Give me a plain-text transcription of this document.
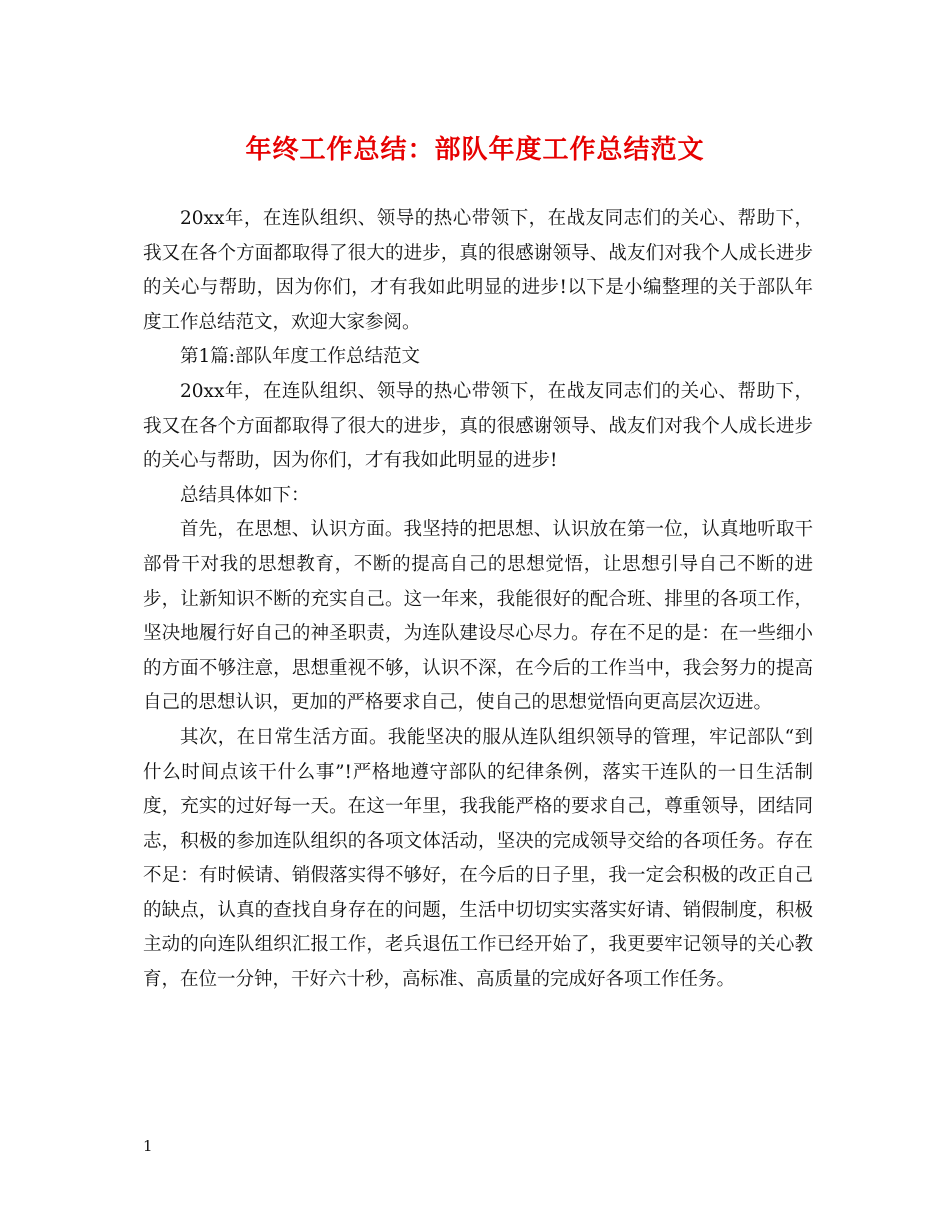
年终工作总结：部队年度工作总结范文

20xx年，在连队组织、领导的热心带领下，在战友同志们的关心、帮助下，我又在各个方面都取得了很大的进步，真的很感谢领导、战友们对我个人成长进步的关心与帮助，因为你们，才有我如此明显的进步!以下是小编整理的关于部队年度工作总结范文，欢迎大家参阅。

第1篇:部队年度工作总结范文

20xx年，在连队组织、领导的热心带领下，在战友同志们的关心、帮助下，我又在各个方面都取得了很大的进步，真的很感谢领导、战友们对我个人成长进步的关心与帮助，因为你们，才有我如此明显的进步!

总结具体如下：

首先，在思想、认识方面。我坚持的把思想、认识放在第一位，认真地听取干部骨干对我的思想教育，不断的提高自己的思想觉悟，让思想引导自己不断的进步，让新知识不断的充实自己。这一年来，我能很好的配合班、排里的各项工作，坚决地履行好自己的神圣职责，为连队建设尽心尽力。存在不足的是：在一些细小的方面不够注意，思想重视不够，认识不深，在今后的工作当中，我会努力的提高自己的思想认识，更加的严格要求自己，使自己的思想觉悟向更高层次迈进。

其次，在日常生活方面。我能坚决的服从连队组织领导的管理，牢记部队“到什么时间点该干什么事”!严格地遵守部队的纪律条例，落实干连队的一日生活制度，充实的过好每一天。在这一年里，我我能严格的要求自己，尊重领导，团结同志，积极的参加连队组织的各项文体活动，坚决的完成领导交给的各项任务。存在不足：有时候请、销假落实得不够好，在今后的日子里，我一定会积极的改正自己的缺点，认真的查找自身存在的问题，生活中切切实实落实好请、销假制度，积极主动的向连队组织汇报工作，老兵退伍工作已经开始了，我更要牢记领导的关心教育，在位一分钟，干好六十秒，高标准、高质量的完成好各项工作任务。

1
